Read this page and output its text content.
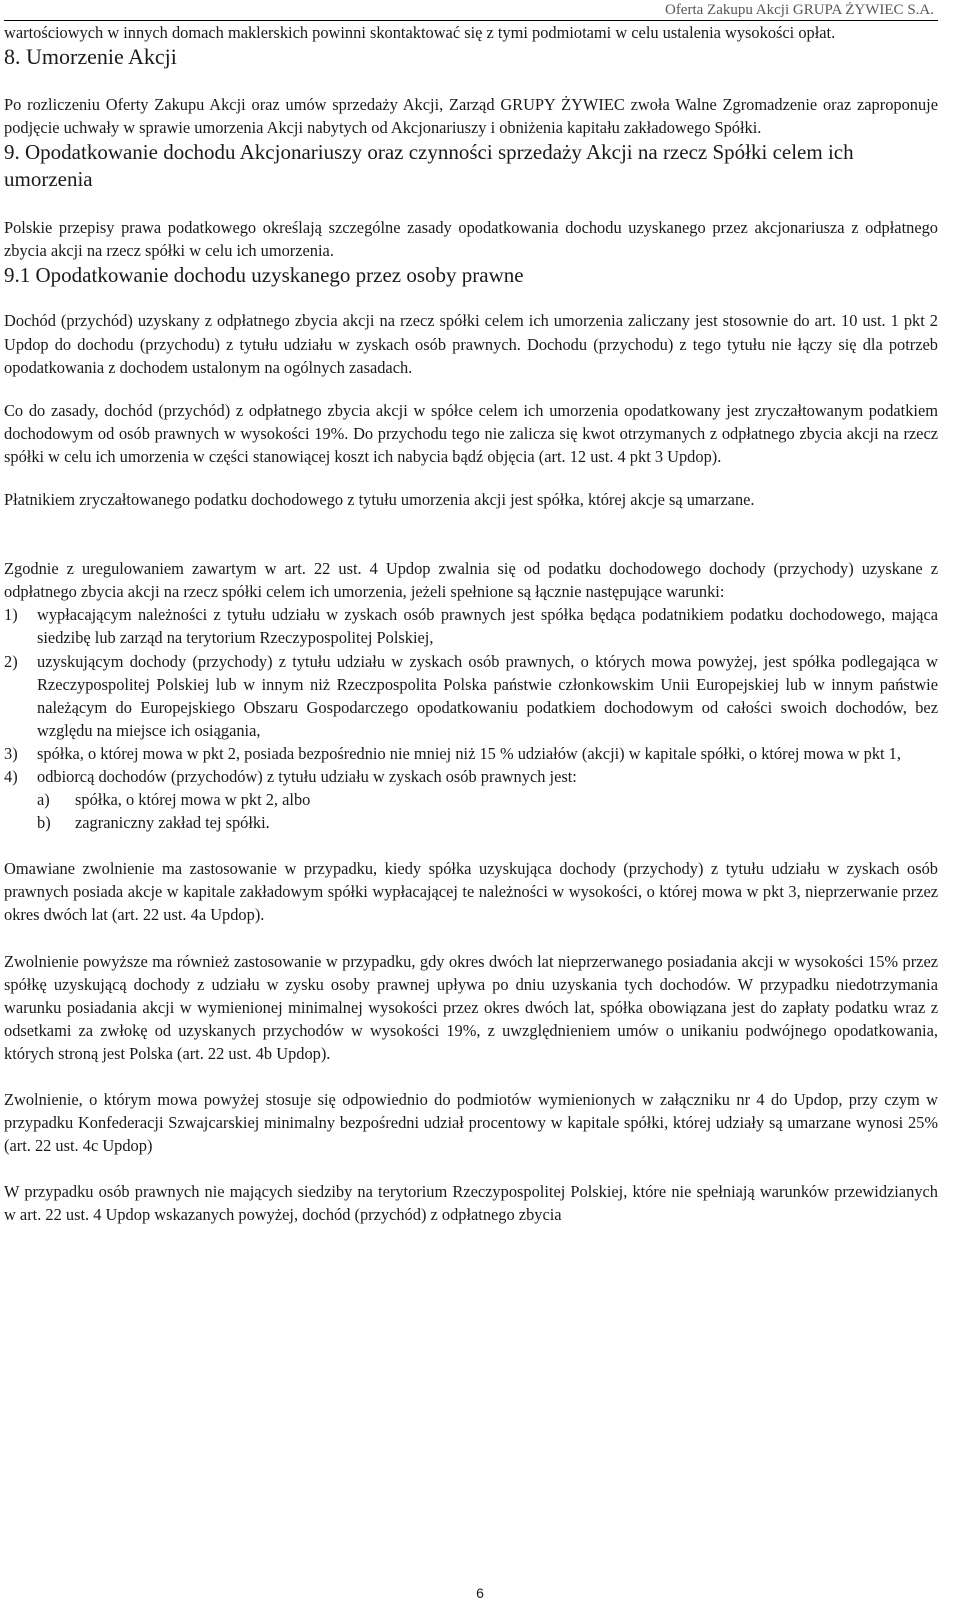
Oferta Zakupu Akcji GRUPA ŻYWIEC S.A.

wartościowych w innych domach maklerskich powinni skontaktować się z tymi podmiotami w celu ustalenia wysokości opłat.

8. Umorzenie Akcji

Po rozliczeniu Oferty Zakupu Akcji oraz umów sprzedaży Akcji, Zarząd GRUPY ŻYWIEC zwoła Walne Zgromadzenie oraz zaproponuje podjęcie uchwały w sprawie umorzenia Akcji nabytych od Akcjonariuszy i obniżenia kapitału zakładowego Spółki.

9. Opodatkowanie dochodu Akcjonariuszy oraz czynności sprzedaży Akcji na rzecz Spółki celem ich umorzenia

Polskie przepisy prawa podatkowego określają szczególne zasady opodatkowania dochodu uzyskanego przez akcjonariusza z odpłatnego zbycia akcji na rzecz spółki w celu ich umorzenia.

9.1 Opodatkowanie dochodu uzyskanego przez osoby prawne

Dochód (przychód) uzyskany z odpłatnego zbycia akcji na rzecz spółki celem ich umorzenia zaliczany jest stosownie do art. 10 ust. 1 pkt 2 Updop do dochodu (przychodu) z tytułu udziału w zyskach osób prawnych. Dochodu (przychodu) z tego tytułu nie łączy się dla potrzeb opodatkowania z dochodem ustalonym na ogólnych zasadach.

Co do zasady, dochód (przychód) z odpłatnego zbycia akcji w spółce celem ich umorzenia opodatkowany jest zryczałtowanym podatkiem dochodowym od osób prawnych w wysokości 19%. Do przychodu tego nie zalicza się kwot otrzymanych z odpłatnego zbycia akcji na rzecz spółki w celu ich umorzenia w części stanowiącej koszt ich nabycia bądź objęcia (art. 12 ust. 4 pkt 3 Updop).

Płatnikiem zryczałtowanego podatku dochodowego z tytułu umorzenia akcji jest spółka, której akcje są umarzane.

Zgodnie z uregulowaniem zawartym w art. 22 ust. 4 Updop zwalnia się od podatku dochodowego dochody (przychody) uzyskane z odpłatnego zbycia akcji na rzecz spółki celem ich umorzenia, jeżeli spełnione są łącznie następujące warunki:

1) wypłacającym należności z tytułu udziału w zyskach osób prawnych jest spółka będąca podatnikiem podatku dochodowego, mająca siedzibę lub zarząd na terytorium Rzeczypospolitej Polskiej,
2) uzyskującym dochody (przychody) z tytułu udziału w zyskach osób prawnych, o których mowa powyżej, jest spółka podlegająca w Rzeczypospolitej Polskiej lub w innym niż Rzeczpospolita Polska państwie członkowskim Unii Europejskiej lub w innym państwie należącym do Europejskiego Obszaru Gospodarczego opodatkowaniu podatkiem dochodowym od całości swoich dochodów, bez względu na miejsce ich osiągania,
3) spółka, o której mowa w pkt 2, posiada bezpośrednio nie mniej niż 15 % udziałów (akcji) w kapitale spółki, o której mowa w pkt 1,
4) odbiorcą dochodów (przychodów) z tytułu udziału w zyskach osób prawnych jest:
a) spółka, o której mowa w pkt 2, albo
b) zagraniczny zakład tej spółki.

Omawiane zwolnienie ma zastosowanie w przypadku, kiedy spółka uzyskująca dochody (przychody) z tytułu udziału w zyskach osób prawnych posiada akcje w kapitale zakładowym spółki wypłacającej te należności w wysokości, o której mowa w pkt 3, nieprzerwanie przez okres dwóch lat (art. 22 ust. 4a Updop).

Zwolnienie powyższe ma również zastosowanie w przypadku, gdy okres dwóch lat nieprzerwanego posiadania akcji w wysokości 15% przez spółkę uzyskującą dochody z udziału w zysku osoby prawnej upływa po dniu uzyskania tych dochodów. W przypadku niedotrzymania warunku posiadania akcji w wymienionej minimalnej wysokości przez okres dwóch lat, spółka obowiązana jest do zapłaty podatku wraz z odsetkami za zwłokę od uzyskanych przychodów w wysokości 19%, z uwzględnieniem umów o unikaniu podwójnego opodatkowania, których stroną jest Polska (art. 22 ust. 4b Updop).

Zwolnienie, o którym mowa powyżej stosuje się odpowiednio do podmiotów wymienionych w załączniku nr 4 do Updop, przy czym w przypadku Konfederacji Szwajcarskiej minimalny bezpośredni udział procentowy w kapitale spółki, której udziały są umarzane wynosi 25% (art. 22 ust. 4c Updop)

W przypadku osób prawnych nie mających siedziby na terytorium Rzeczypospolitej Polskiej, które nie spełniają warunków przewidzianych w art. 22 ust. 4 Updop wskazanych powyżej, dochód (przychód) z odpłatnego zbycia

6
